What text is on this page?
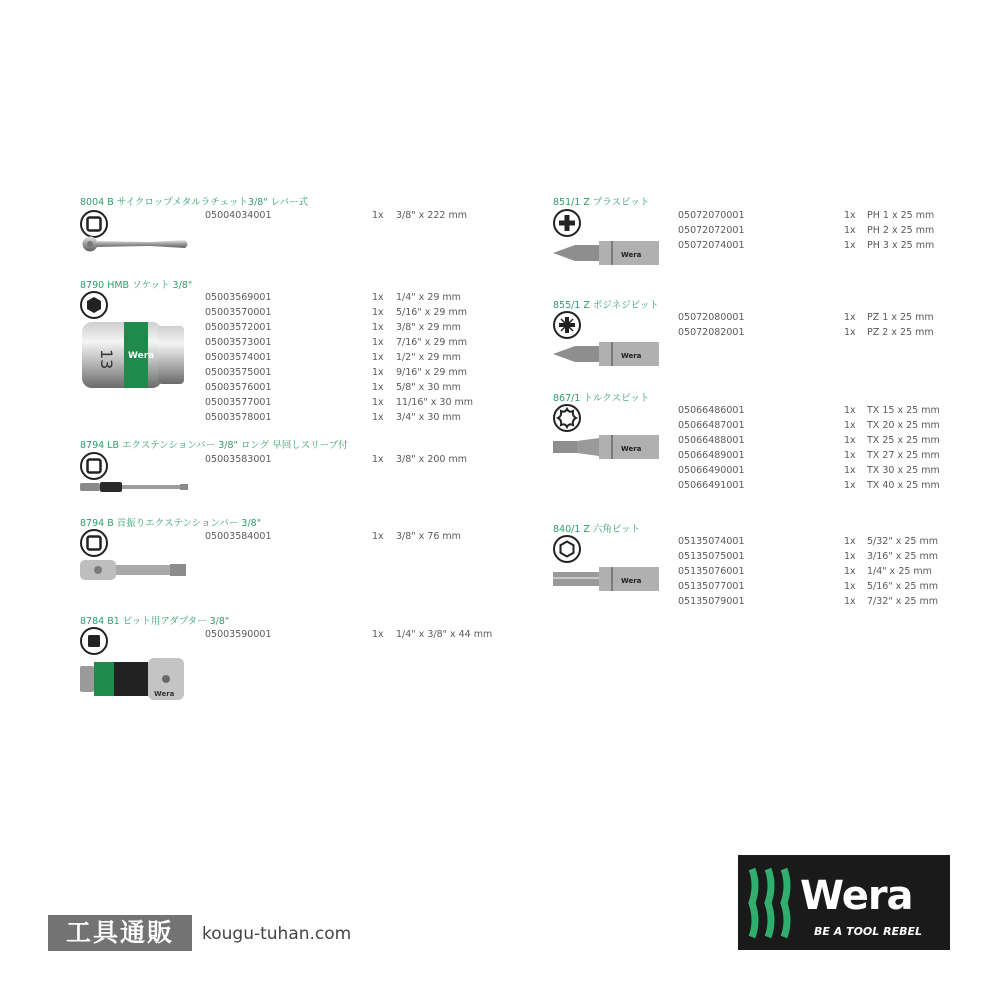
8004 B サイクロップメタルラチェット3/8" レバー式
05004034001	1x 3/8" x 222 mm
8790 HMB ソケット 3/8"
05003569001	1x 1/4" x 29 mm
05003570001	1x 5/16" x 29 mm
05003572001	1x 3/8" x 29 mm
05003573001	1x 7/16" x 29 mm
05003574001	1x 1/2" x 29 mm
05003575001	1x 9/16" x 29 mm
05003576001	1x 5/8" x 30 mm
05003577001	1x 11/16" x 30 mm
05003578001	1x 3/4" x 30 mm
13 Wera
8794 LB エクステンションバー 3/8" ロング 早回しスリーブ付
05003583001	1x 3/8" x 200 mm
8794 B 首振りエクステンションバー 3/8"
05003584001	1x 3/8" x 76 mm
8784 B1 ビット用アダプター 3/8"
05003590001	1x 1/4" x 3/8" x 44 mm
Wera
851/1 Z プラスビット
05072070001	1x PH 1 x 25 mm
05072072001	1x PH 2 x 25 mm
05072074001	1x PH 3 x 25 mm
Wera
855/1 Z ポジネジビット
05072080001	1x PZ 1 x 25 mm
05072082001	1x PZ 2 x 25 mm
Wera
867/1 トルクスビット
05066486001	1x TX 15 x 25 mm
05066487001	1x TX 20 x 25 mm
05066488001	1x TX 25 x 25 mm
05066489001	1x TX 27 x 25 mm
05066490001	1x TX 30 x 25 mm
05066491001	1x TX 40 x 25 mm
Wera
840/1 Z 六角ビット
05135074001	1x 5/32" x 25 mm
05135075001	1x 3/16" x 25 mm
05135076001	1x 1/4" x 25 mm
05135077001	1x 5/16" x 25 mm
05135079001	1x 7/32" x 25 mm
Wera
工具通販	kougu-tuhan.com
Wera
BE A TOOL REBEL
